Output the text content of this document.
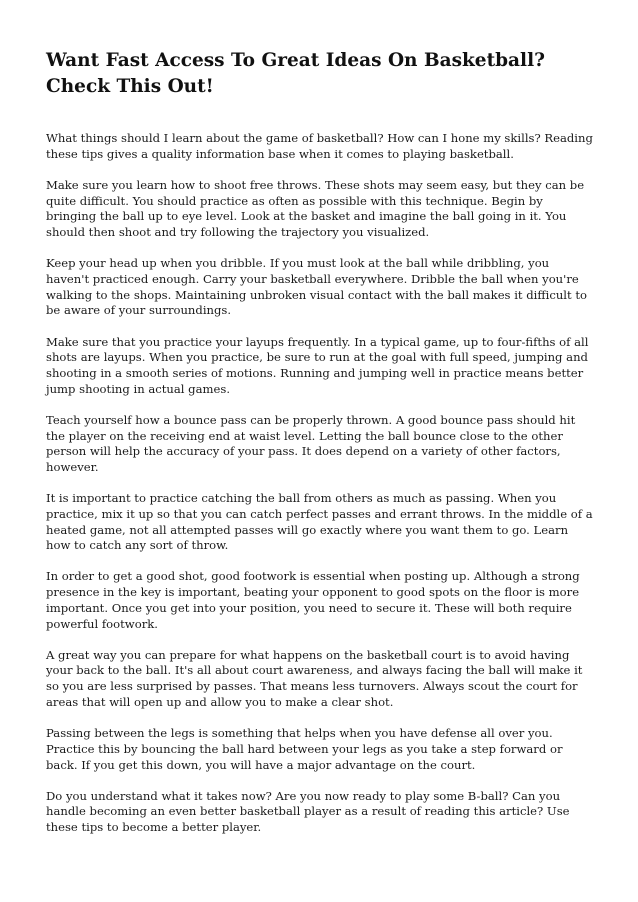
Want Fast Access To Great Ideas On Basketball? Check This Out!

What things should I learn about the game of basketball? How can I hone my skills? Reading these tips gives a quality information base when it comes to playing basketball.

Make sure you learn how to shoot free throws. These shots may seem easy, but they can be quite difficult. You should practice as often as possible with this technique. Begin by bringing the ball up to eye level. Look at the basket and imagine the ball going in it. You should then shoot and try following the trajectory you visualized.

Keep your head up when you dribble. If you must look at the ball while dribbling, you haven't practiced enough. Carry your basketball everywhere. Dribble the ball when you're walking to the shops. Maintaining unbroken visual contact with the ball makes it difficult to be aware of your surroundings.

Make sure that you practice your layups frequently. In a typical game, up to four-fifths of all shots are layups. When you practice, be sure to run at the goal with full speed, jumping and shooting in a smooth series of motions. Running and jumping well in practice means better jump shooting in actual games.

Teach yourself how a bounce pass can be properly thrown. A good bounce pass should hit the player on the receiving end at waist level. Letting the ball bounce close to the other person will help the accuracy of your pass. It does depend on a variety of other factors, however.

It is important to practice catching the ball from others as much as passing. When you practice, mix it up so that you can catch perfect passes and errant throws. In the middle of a heated game, not all attempted passes will go exactly where you want them to go. Learn how to catch any sort of throw.

In order to get a good shot, good footwork is essential when posting up. Although a strong presence in the key is important, beating your opponent to good spots on the floor is more important. Once you get into your position, you need to secure it. These will both require powerful footwork.

A great way you can prepare for what happens on the basketball court is to avoid having your back to the ball. It's all about court awareness, and always facing the ball will make it so you are less surprised by passes. That means less turnovers. Always scout the court for areas that will open up and allow you to make a clear shot.

Passing between the legs is something that helps when you have defense all over you. Practice this by bouncing the ball hard between your legs as you take a step forward or back. If you get this down, you will have a major advantage on the court.

Do you understand what it takes now? Are you now ready to play some B-ball? Can you handle becoming an even better basketball player as a result of reading this article? Use these tips to become a better player.
